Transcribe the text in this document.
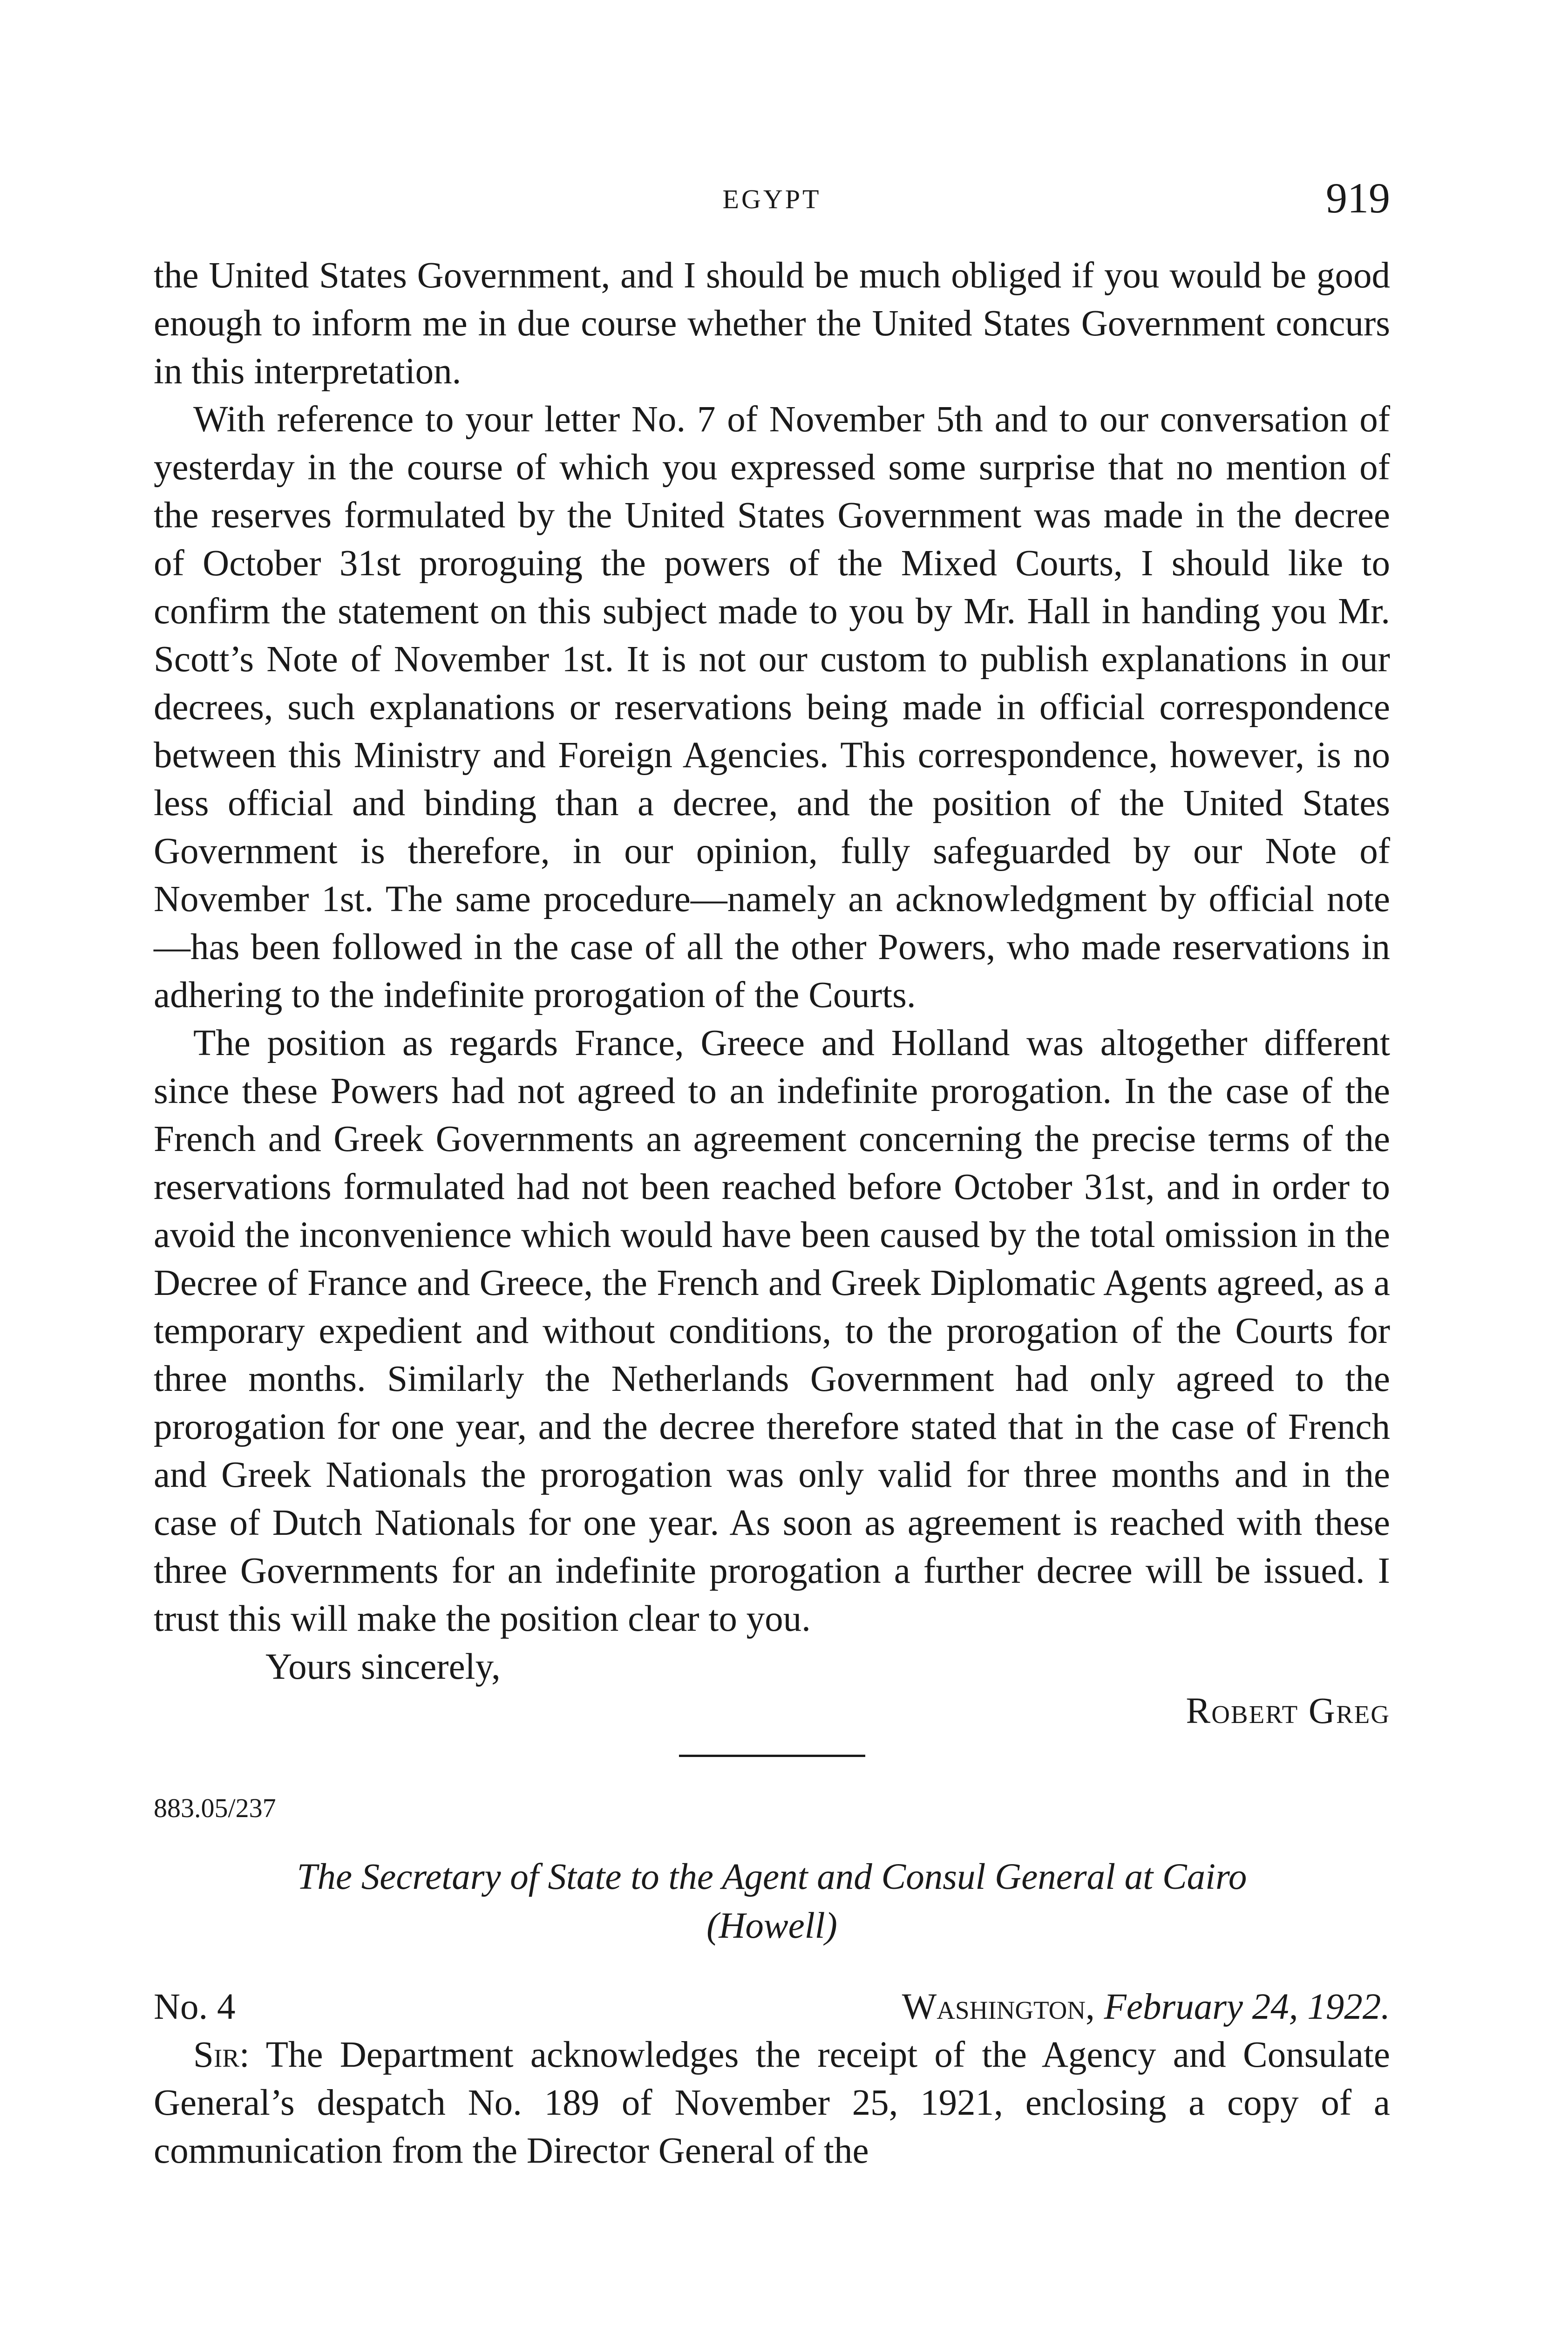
EGYPT	919

the United States Government, and I should be much obliged if you would be good enough to inform me in due course whether the United States Government concurs in this interpretation.

With reference to your letter No. 7 of November 5th and to our conversation of yesterday in the course of which you expressed some surprise that no mention of the reserves formulated by the United States Government was made in the decree of October 31st proroguing the powers of the Mixed Courts, I should like to confirm the statement on this subject made to you by Mr. Hall in handing you Mr. Scott’s Note of November 1st. It is not our custom to publish explanations in our decrees, such explanations or reservations being made in official correspondence between this Ministry and Foreign Agencies. This correspondence, however, is no less official and binding than a decree, and the position of the United States Government is therefore, in our opinion, fully safeguarded by our Note of November 1st. The same procedure—namely an acknowledgment by official note—has been followed in the case of all the other Powers, who made reservations in adhering to the indefinite prorogation of the Courts.

The position as regards France, Greece and Holland was altogether different since these Powers had not agreed to an indefinite prorogation. In the case of the French and Greek Governments an agreement concerning the precise terms of the reservations formulated had not been reached before October 31st, and in order to avoid the inconvenience which would have been caused by the total omission in the Decree of France and Greece, the French and Greek Diplomatic Agents agreed, as a temporary expedient and without conditions, to the prorogation of the Courts for three months. Similarly the Netherlands Government had only agreed to the prorogation for one year, and the decree therefore stated that in the case of French and Greek Nationals the prorogation was only valid for three months and in the case of Dutch Nationals for one year. As soon as agreement is reached with these three Governments for an indefinite prorogation a further decree will be issued. I trust this will make the position clear to you.

Yours sincerely,
Robert Greg
883.05/237
The Secretary of State to the Agent and Consul General at Cairo
(Howell)
No. 4	Washington, February 24, 1922.

Sir: The Department acknowledges the receipt of the Agency and Consulate General’s despatch No. 189 of November 25, 1921, enclosing a copy of a communication from the Director General of the
